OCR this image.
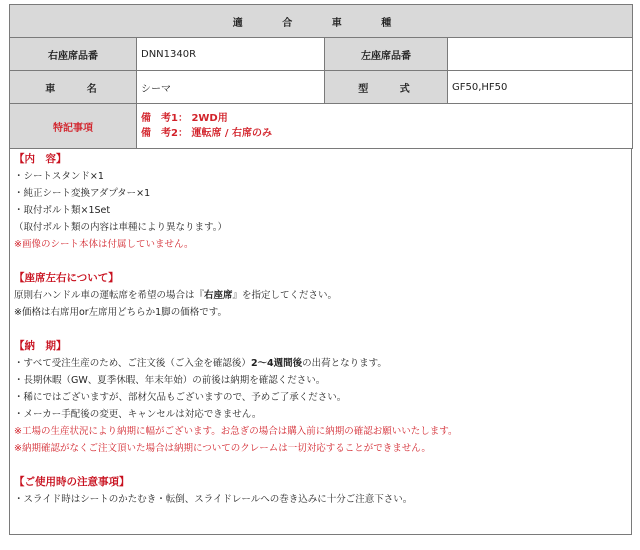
適 合 車 種			
右座席品番	DNN1340R	左座席品番	
車 名	シーマ	型 式	GF50,HF50
特記事項	備　考1： 2WD用
備　考2： 運転席 / 右席のみ		
【内　容】
・シートスタンド×1
・純正シート変換アダプター×1
・取付ボルト類×1Set
（取付ボルト類の内容は車種により異なります。）
※画像のシート本体は付属していません。
【座席左右について】
原則右ハンドル車の運転席を希望の場合は『右座席』を指定してください。
※価格は右席用or左席用どちらか1脚の価格です。
【納　期】
・すべて受注生産のため、ご注文後（ご入金を確認後）2～4週間後の出荷となります。
・長期休暇（GW、夏季休暇、年末年始）の前後は納期を確認ください。
・稀にではございますが、部材欠品もございますので、予めご了承ください。
・メーカー手配後の変更、キャンセルは対応できません。
※工場の生産状況により納期に幅がございます。お急ぎの場合は購入前に納期の確認お願いいたします。
※納期確認がなくご注文頂いた場合は納期についてのクレームは一切対応することができません。
【ご使用時の注意事項】
・スライド時はシートのかたむき・転倒、スライドレールへの巻き込みに十分ご注意下さい。
